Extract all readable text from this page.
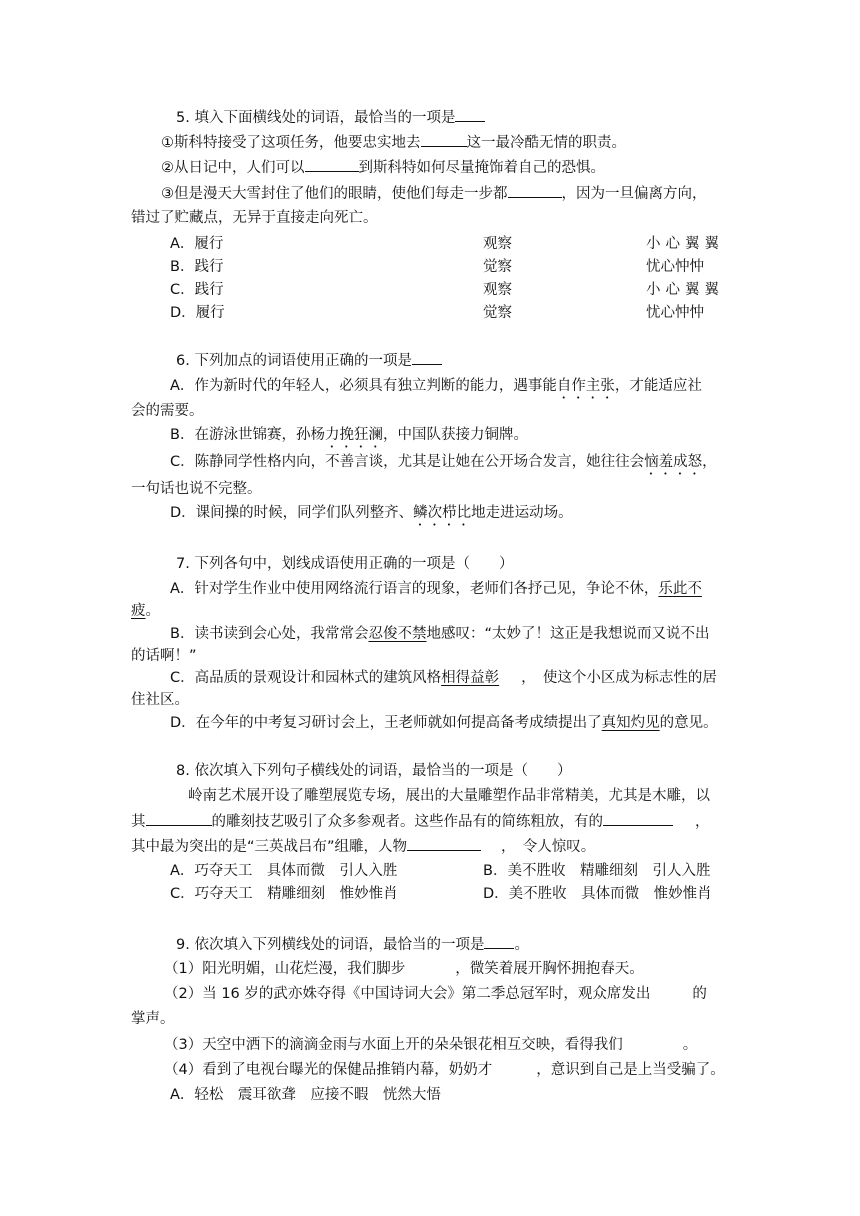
5. 填入下面横线处的词语，最恰当的一项是
①斯科特接受了这项任务，他要忠实地去	这一最冷酷无情的职责。
②从日记中，人们可以	到斯科特如何尽量掩饰着自己的恐惧。
③但是漫天大雪封住了他们的眼睛，使他们每走一步都	，因为一旦偏离方向，
错过了贮藏点，无异于直接走向死亡。
A．履行	观察	小心翼翼
B．践行	觉察	忧心忡忡
C．践行	观察	小心翼翼
D．履行	觉察	忧心忡忡
6. 下列加点的词语使用正确的一项是
A．作为新时代的年轻人，必须具有独立判断的能力，遇事能自作主张，才能适应社
会的需要。
B．在游泳世锦赛，孙杨力挽狂澜，中国队获接力铜牌。
C．陈静同学性格内向，不善言谈，尤其是让她在公开场合发言，她往往会恼羞成怒，
一句话也说不完整。
D．课间操的时候，同学们队列整齐、鳞次栉比地走进运动场。
7. 下列各句中，划线成语使用正确的一项是（　　）
A．针对学生作业中使用网络流行语言的现象，老师们各抒己见，争论不休，乐此不
疲。
B．读书读到会心处，我常常会忍俊不禁地感叹：“太妙了！这正是我想说而又说不出
的话啊！”
C．高品质的景观设计和园林式的建筑风格相得益彰 ，　使这个小区成为标志性的居
住社区。
D．在今年的中考复习研讨会上，王老师就如何提高备考成绩提出了真知灼见的意见。
8. 依次填入下列句子横线处的词语，最恰当的一项是（　　）
岭南艺术展开设了雕塑展览专场，展出的大量雕塑作品非常精美，尤其是木雕，以
其	的雕刻技艺吸引了众多参观者。这些作品有的简练粗放，有的	，
其中最为突出的是“三英战吕布”组雕，人物	，　令人惊叹。
A．巧夺天工　具体而微　引人入胜	B．美不胜收　精雕细刻　引人入胜
C．巧夺天工　精雕细刻　惟妙惟肖	D．美不胜收　具体而微　惟妙惟肖
9. 依次填入下列横线处的词语，最恰当的一项是 。
（1）阳光明媚，山花烂漫，我们脚步	，微笑着展开胸怀拥抱春天。
（2）当 16 岁的武亦姝夺得《中国诗词大会》第二季总冠军时，观众席发出	的
掌声。
（3）天空中洒下的滴滴金雨与水面上开的朵朵银花相互交映，看得我们	。
（4）看到了电视台曝光的保健品推销内幕，奶奶才	，意识到自己是上当受骗了。
A．轻松　震耳欲聋　应接不暇　恍然大悟
